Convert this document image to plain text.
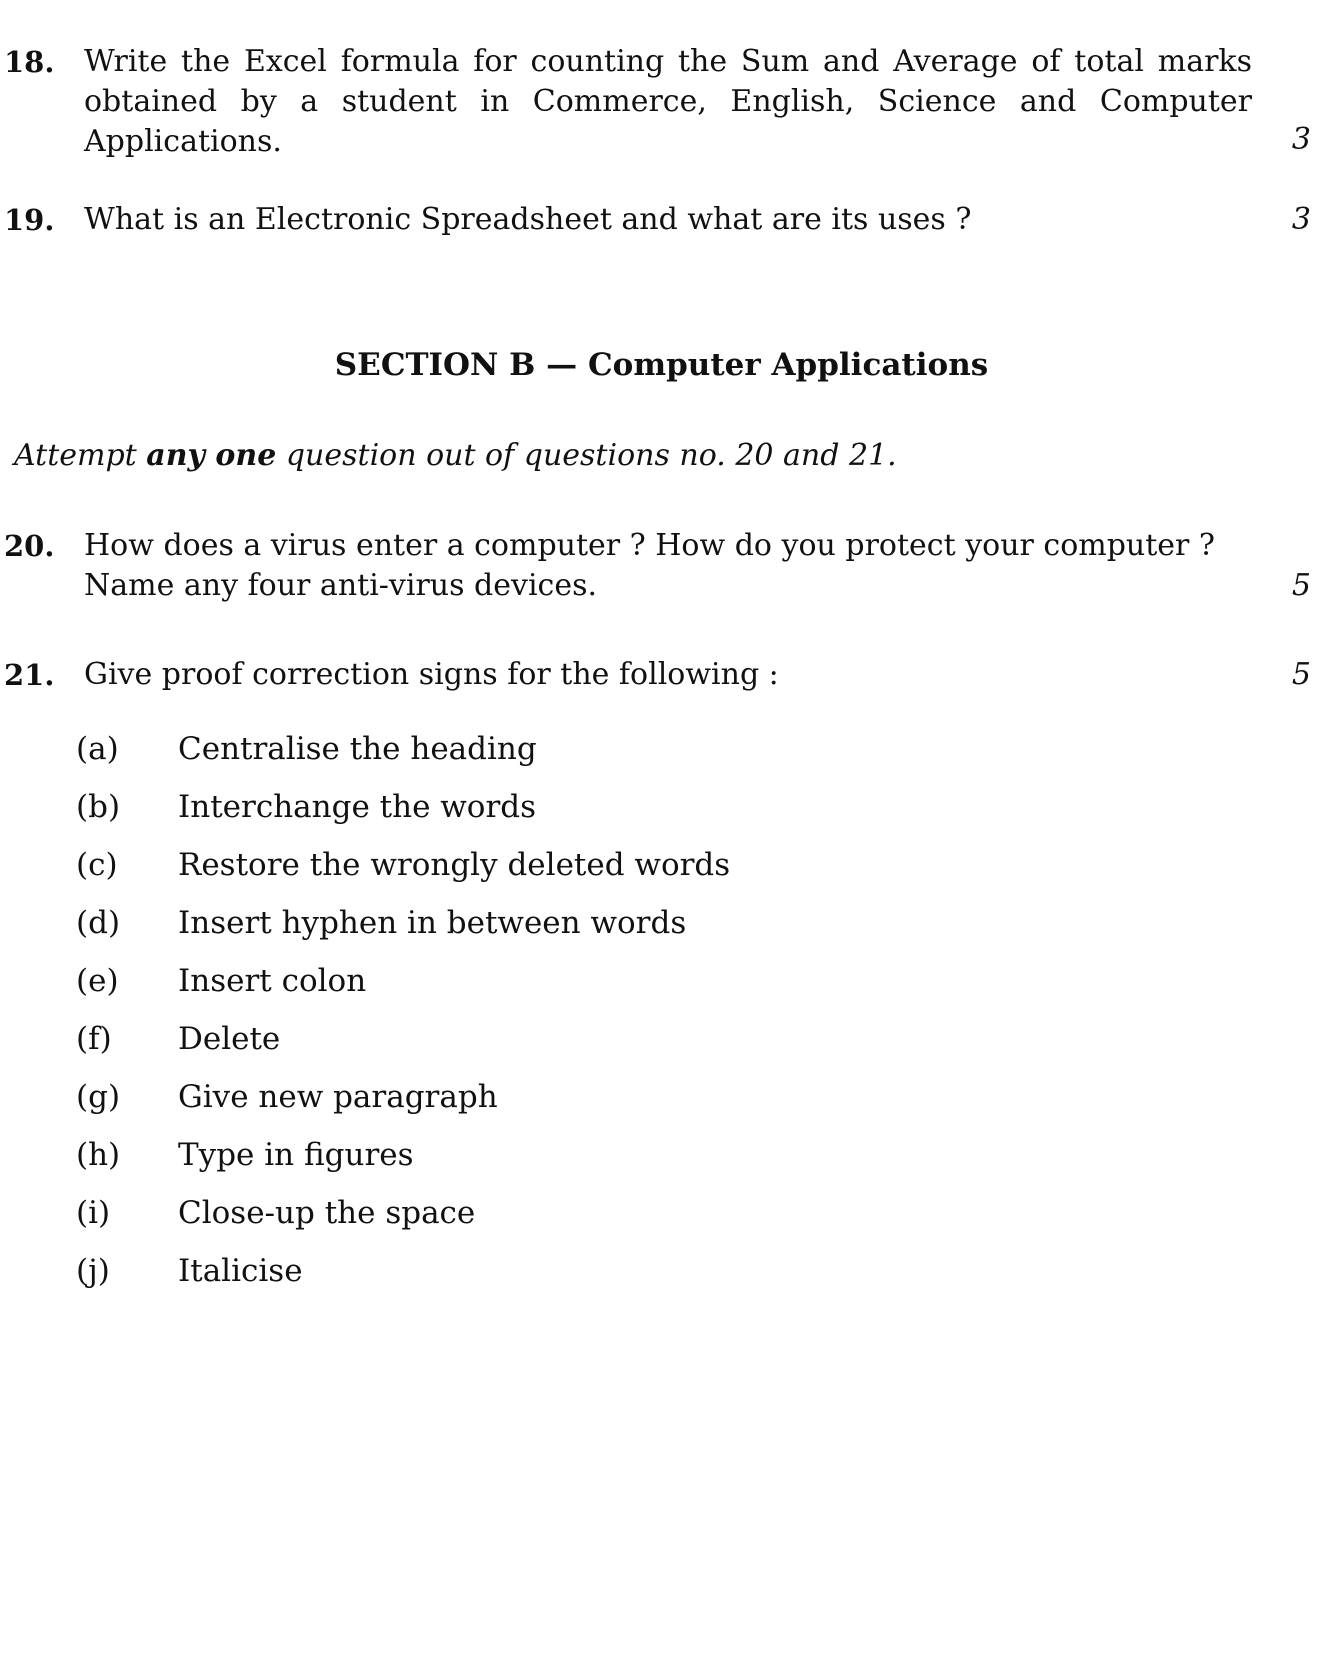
18. Write the Excel formula for counting the Sum and Average of total marks
obtained by a student in Commerce, English, Science and Computer
Applications.	3
19. What is an Electronic Spreadsheet and what are its uses ?	3
SECTION B — Computer Applications
Attempt any one question out of questions no. 20 and 21.
20. How does a virus enter a computer ? How do you protect your computer ?
Name any four anti-virus devices.	5
21. Give proof correction signs for the following :	5
(a) Centralise the heading
(b) Interchange the words
(c) Restore the wrongly deleted words
(d) Insert hyphen in between words
(e) Insert colon
(f) Delete
(g) Give new paragraph
(h) Type in figures
(i) Close-up the space
(j) Italicise
